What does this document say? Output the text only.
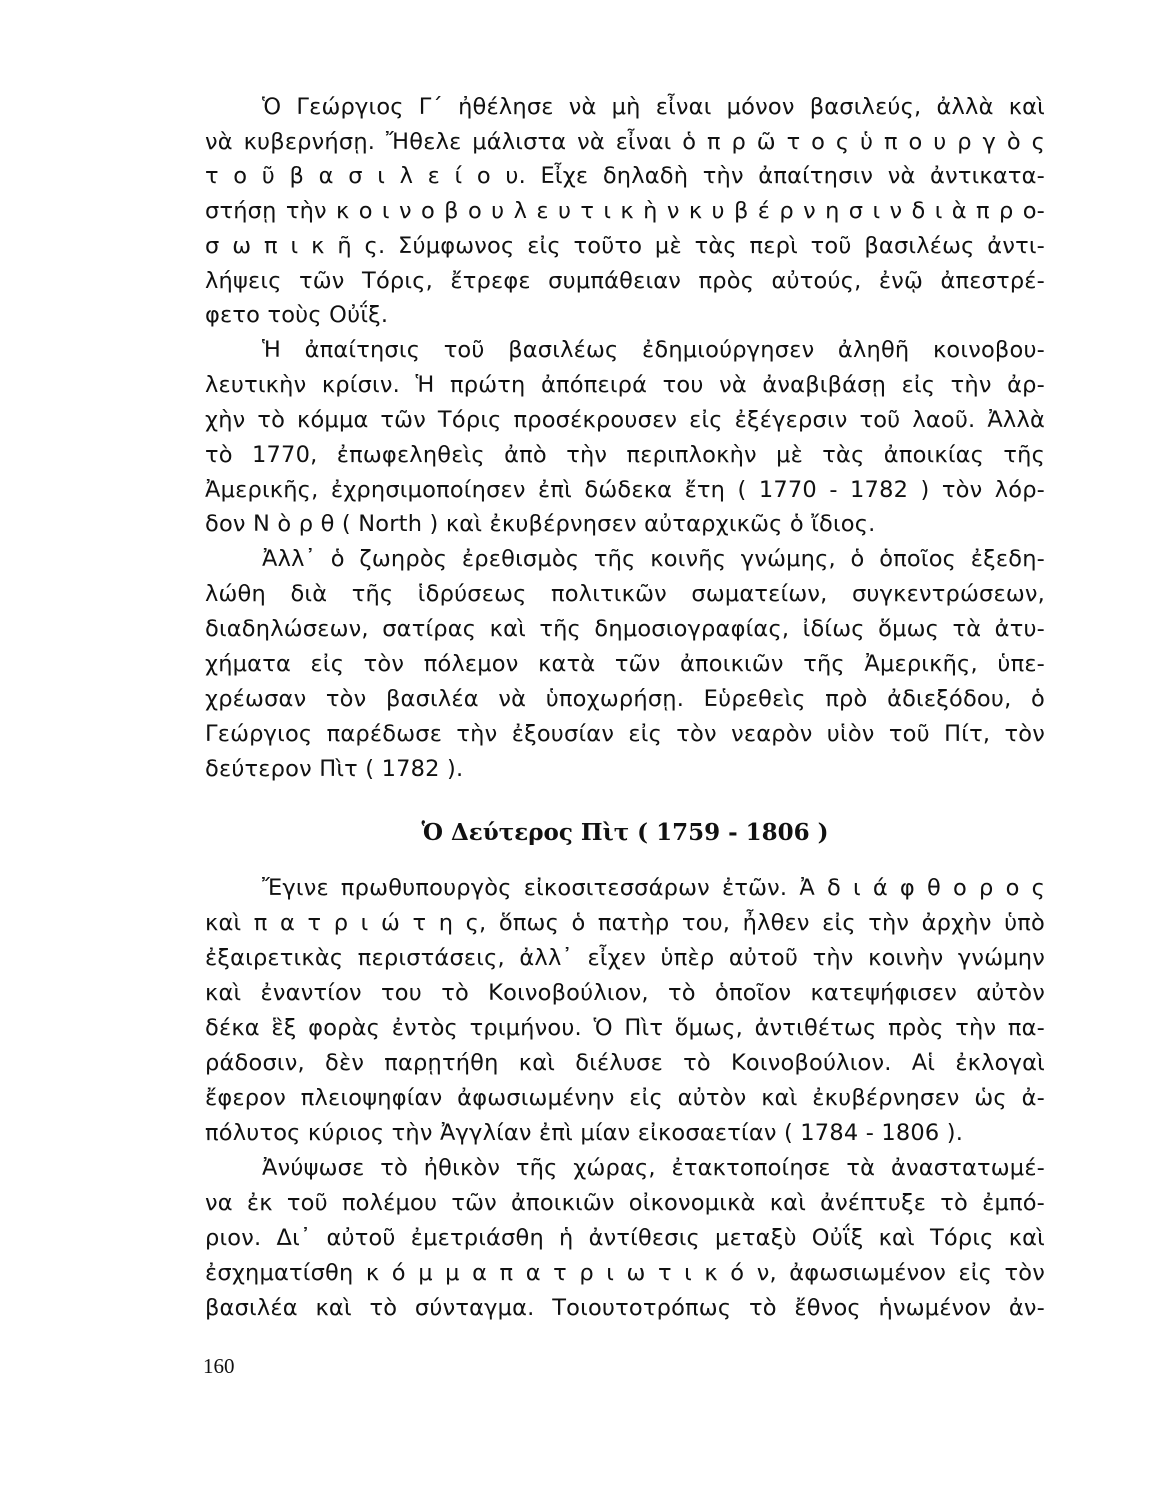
Ὁ Γεώργιος Γ΄ ἠθέλησε νὰ μὴ εἶναι μόνον βασιλεύς, ἀλλὰ καὶ
νὰ κυβερνήσῃ. Ἤθελε μάλιστα νὰ εἶναι ὁ π ρ ῶ τ ο ς ὑ π ο υ ρ γ ὸ ς
τ ο ῦ β α σ ι λ ε ί ο υ. Εἶχε δηλαδὴ τὴν ἀπαίτησιν νὰ ἀντικατα-
στήσῃ τὴν κ ο ι ν ο β ο υ λ ε υ τ ι κ ὴ ν κ υ β έ ρ ν η σ ι ν δ ι ὰ π ρ ο-
σ ω π ι κ ῆ ς. Σύμφωνος εἰς τοῦτο μὲ τὰς περὶ τοῦ βασιλέως ἀντι-
λήψεις τῶν Τόρις, ἔτρεφε συμπάθειαν πρὸς αὐτούς, ἐνῷ ἀπεστρέ-
φετο τοὺς Οὐΐξ.
Ἡ ἀπαίτησις τοῦ βασιλέως ἐδημιούργησεν ἀληθῆ κοινοβου-
λευτικὴν κρίσιν. Ἡ πρώτη ἀπόπειρά του νὰ ἀναβιβάσῃ εἰς τὴν ἀρ-
χὴν τὸ κόμμα τῶν Τόρις προσέκρουσεν εἰς ἐξέγερσιν τοῦ λαοῦ. Ἀλλὰ
τὸ 1770, ἐπωφεληθεὶς ἀπὸ τὴν περιπλοκὴν μὲ τὰς ἀποικίας τῆς
Ἀμερικῆς, ἐχρησιμοποίησεν ἐπὶ δώδεκα ἔτη ( 1770 - 1782 ) τὸν λόρ-
δον Ν ὸ ρ θ ( North ) καὶ ἐκυβέρνησεν αὐταρχικῶς ὁ ἴδιος.
Ἀλλ᾽ ὁ ζωηρὸς ἐρεθισμὸς τῆς κοινῆς γνώμης, ὁ ὁποῖος ἐξεδη-
λώθη διὰ τῆς ἱδρύσεως πολιτικῶν σωματείων, συγκεντρώσεων,
διαδηλώσεων, σατίρας καὶ τῆς δημοσιογραφίας, ἰδίως ὅμως τὰ ἀτυ-
χήματα εἰς τὸν πόλεμον κατὰ τῶν ἀποικιῶν τῆς Ἀμερικῆς, ὑπε-
χρέωσαν τὸν βασιλέα νὰ ὑποχωρήσῃ. Εὑρεθεὶς πρὸ ἀδιεξόδου, ὁ
Γεώργιος παρέδωσε τὴν ἐξουσίαν εἰς τὸν νεαρὸν υἱὸν τοῦ Πίτ, τὸν
δεύτερον Πὶτ ( 1782 ).
Ὁ Δεύτερος Πὶτ ( 1759 - 1806 )
Ἔγινε πρωθυπουργὸς εἰκοσιτεσσάρων ἐτῶν. Ἀ δ ι ά φ θ ο ρ ο ς
καὶ π α τ ρ ι ώ τ η ς, ὅπως ὁ πατὴρ του, ἦλθεν εἰς τὴν ἀρχὴν ὑπὸ
ἐξαιρετικὰς περιστάσεις, ἀλλ᾽ εἶχεν ὑπὲρ αὐτοῦ τὴν κοινὴν γνώμην
καὶ ἐναντίον του τὸ Κοινοβούλιον, τὸ ὁποῖον κατεψήφισεν αὐτὸν
δέκα ἓξ φορὰς ἐντὸς τριμήνου. Ὁ Πὶτ ὅμως, ἀντιθέτως πρὸς τὴν πα-
ράδοσιν, δὲν παρῃτήθη καὶ διέλυσε τὸ Κοινοβούλιον. Αἱ ἐκλογαὶ
ἔφερον πλειοψηφίαν ἀφωσιωμένην εἰς αὐτὸν καὶ ἐκυβέρνησεν ὡς ἀ-
πόλυτος κύριος τὴν Ἀγγλίαν ἐπὶ μίαν εἰκοσαετίαν ( 1784 - 1806 ).
Ἀνύψωσε τὸ ἠθικὸν τῆς χώρας, ἐτακτοποίησε τὰ ἀναστατωμέ-
να ἐκ τοῦ πολέμου τῶν ἀποικιῶν οἰκονομικὰ καὶ ἀνέπτυξε τὸ ἐμπό-
ριον. Δι᾽ αὐτοῦ ἐμετριάσθη ἡ ἀντίθεσις μεταξὺ Οὐΐξ καὶ Τόρις καὶ
ἐσχηματίσθη κ ό μ μ α π α τ ρ ι ω τ ι κ ό ν, ἀφωσιωμένον εἰς τὸν
βασιλέα καὶ τὸ σύνταγμα. Τοιουτοτρόπως τὸ ἔθνος ἡνωμένον ἀν-
160
